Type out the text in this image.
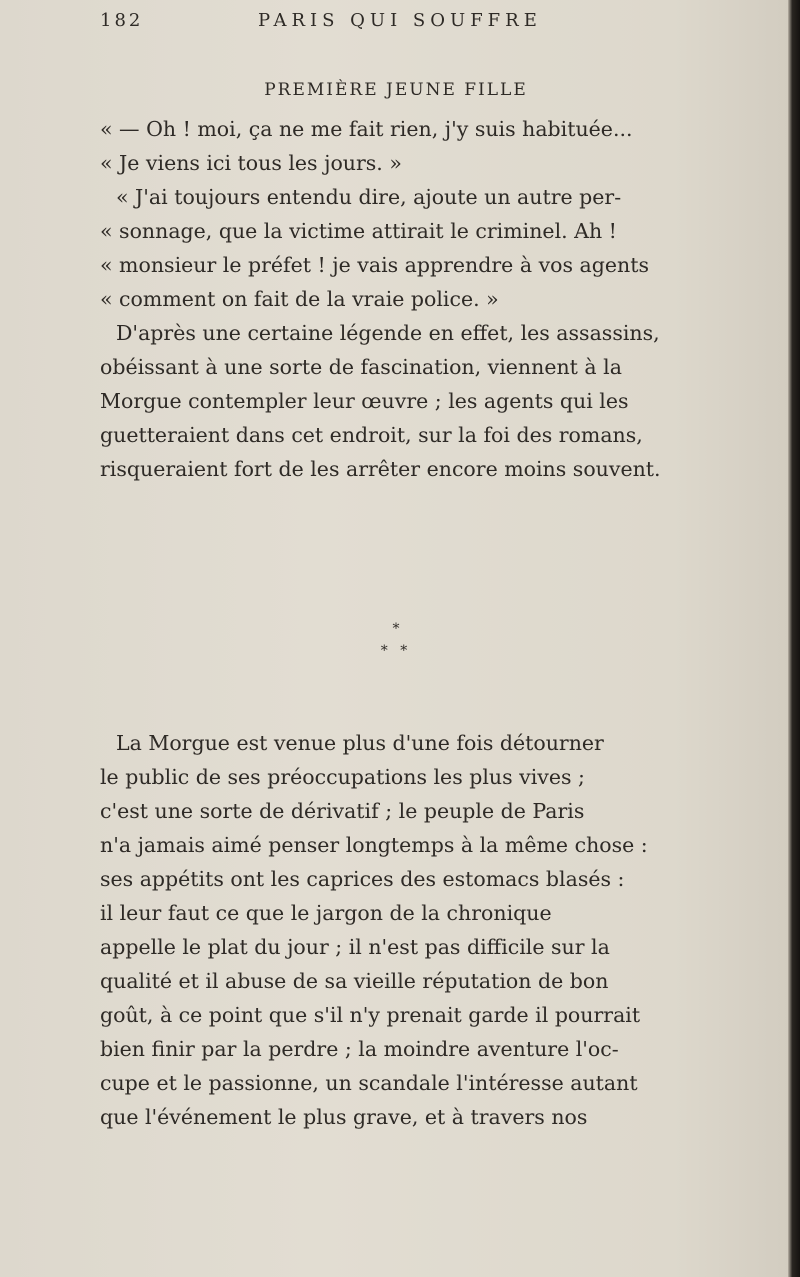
182	PARIS QUI SOUFFRE
PREMIÈRE JEUNE FILLE
« — Oh ! moi, ça ne me fait rien, j'y suis habituée...
« Je viens ici tous les jours. »
« J'ai toujours entendu dire, ajoute un autre per-
« sonnage, que la victime attirait le criminel. Ah !
« monsieur le préfet ! je vais apprendre à vos agents
« comment on fait de la vraie police. »
D'après une certaine légende en effet, les assassins,
obéissant à une sorte de fascination, viennent à la
Morgue contempler leur œuvre ; les agents qui les
guetteraient dans cet endroit, sur la foi des romans,
risqueraient fort de les arrêter encore moins souvent.
*
* *
La Morgue est venue plus d'une fois détourner
le public de ses préoccupations les plus vives ;
c'est une sorte de dérivatif ; le peuple de Paris
n'a jamais aimé penser longtemps à la même chose :
ses appétits ont les caprices des estomacs blasés :
il leur faut ce que le jargon de la chronique
appelle le plat du jour ; il n'est pas difficile sur la
qualité et il abuse de sa vieille réputation de bon
goût, à ce point que s'il n'y prenait garde il pourrait
bien finir par la perdre ; la moindre aventure l'oc-
cupe et le passionne, un scandale l'intéresse autant
que l'événement le plus grave, et à travers nos
